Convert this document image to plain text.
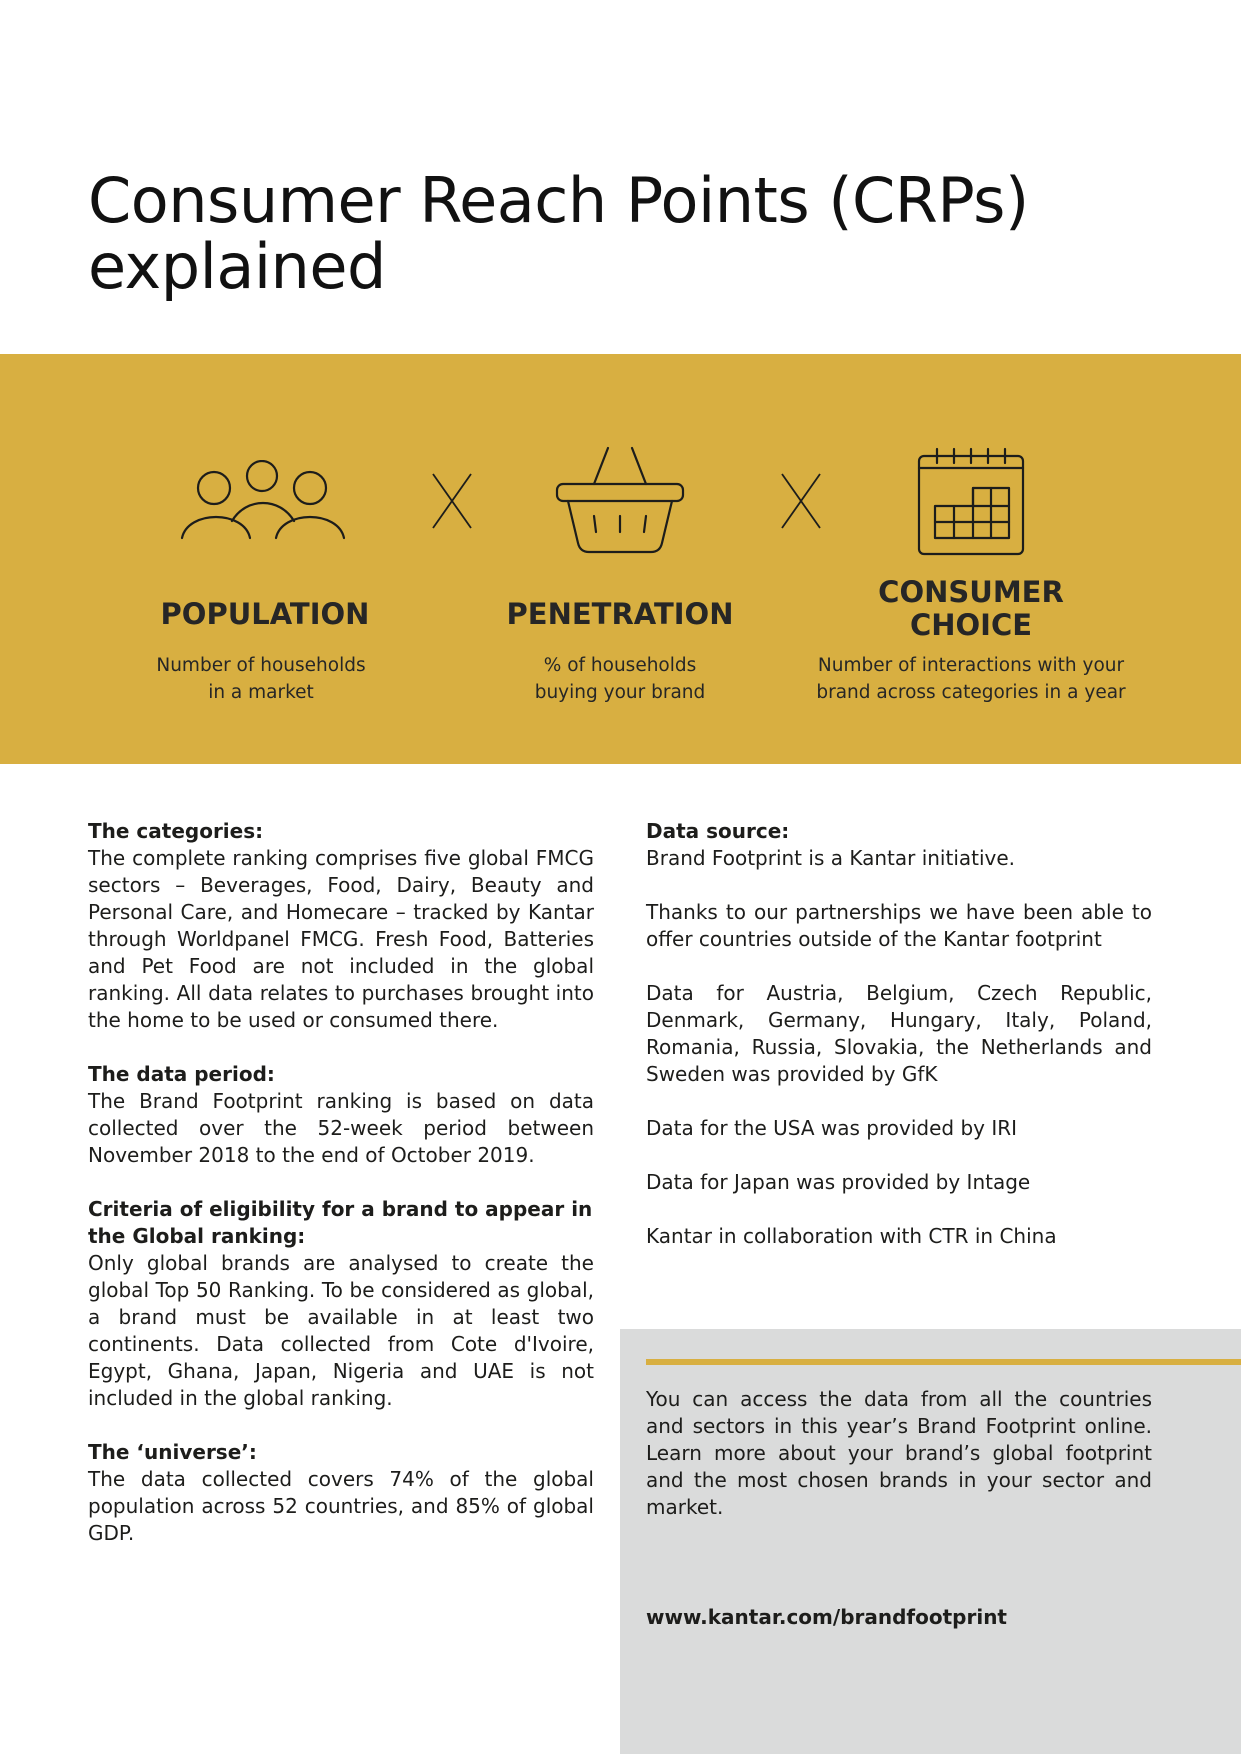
Consumer Reach Points (CRPs)
explained
POPULATION
Number of households
in a market
PENETRATION
% of households
buying your brand
CONSUMER
CHOICE
Number of interactions with your
brand across categories in a year
The categories:
The complete ranking comprises five global FMCG sectors – Beverages, Food, Dairy, Beauty and Personal Care, and Homecare – tracked by Kantar through Worldpanel FMCG. Fresh Food, Batteries and Pet Food are not included in the global ranking. All data relates to purchases brought into the home to be used or consumed there.
The data period:
The Brand Footprint ranking is based on data collected over the 52-week period between November 2018 to the end of October 2019.
Criteria of eligibility for a brand to appear in the Global ranking:
Only global brands are analysed to create the global Top 50 Ranking. To be considered as global, a brand must be available in at least two continents. Data collected from Cote d'Ivoire, Egypt, Ghana, Japan, Nigeria and UAE is not included in the global ranking.
The ‘universe’:
The data collected covers 74% of the global population across 52 countries, and 85% of global GDP.
Data source:
Brand Footprint is a Kantar initiative.
Thanks to our partnerships we have been able to offer countries outside of the Kantar footprint
Data for Austria, Belgium, Czech Republic, Denmark, Germany, Hungary, Italy, Poland, Romania, Russia, Slovakia, the Netherlands and Sweden was provided by GfK
Data for the USA was provided by IRI
Data for Japan was provided by Intage
Kantar in collaboration with CTR in China
You can access the data from all the countries and sectors in this year’s Brand Footprint online. Learn more about your brand’s global footprint and the most chosen brands in your sector and market.
www.kantar.com/brandfootprint
